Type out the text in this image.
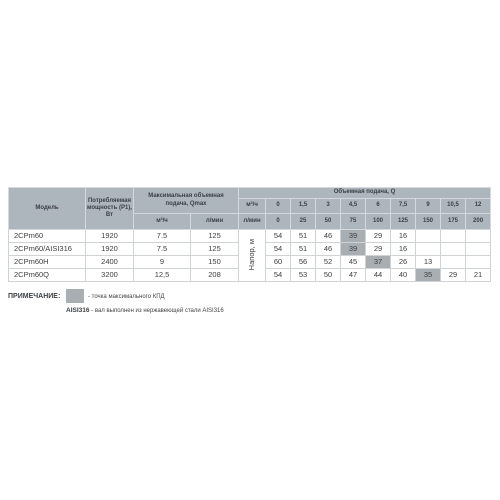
Модель	Потребляемая
мощность (P1),
Вт	Максимальная объемная
подача, Qmax		Объемная подача, Q									
				м³/ч	0	1,5	3	4,5	6	7,5	9	10,5	12
		м³/ч	л/мин	л/мин	0	25	50	75	100	125	150	175	200
2CPm60	1920	7.5	125	Напор, м	54	51	46	39	29	16			
2CPm60/AISI316	1920	7.5	125		54	51	46	39	29	16			
2CPm60H	2400	9	150		60	56	52	45	37	26	13		
2CPm60Q	3200	12,5	208		54	53	50	47	44	40	35	29	21
ПРИМЕЧАНИЕ:	- точка максимального КПД
AISI316 - вал выполнен из нержавеющей стали AISI316
